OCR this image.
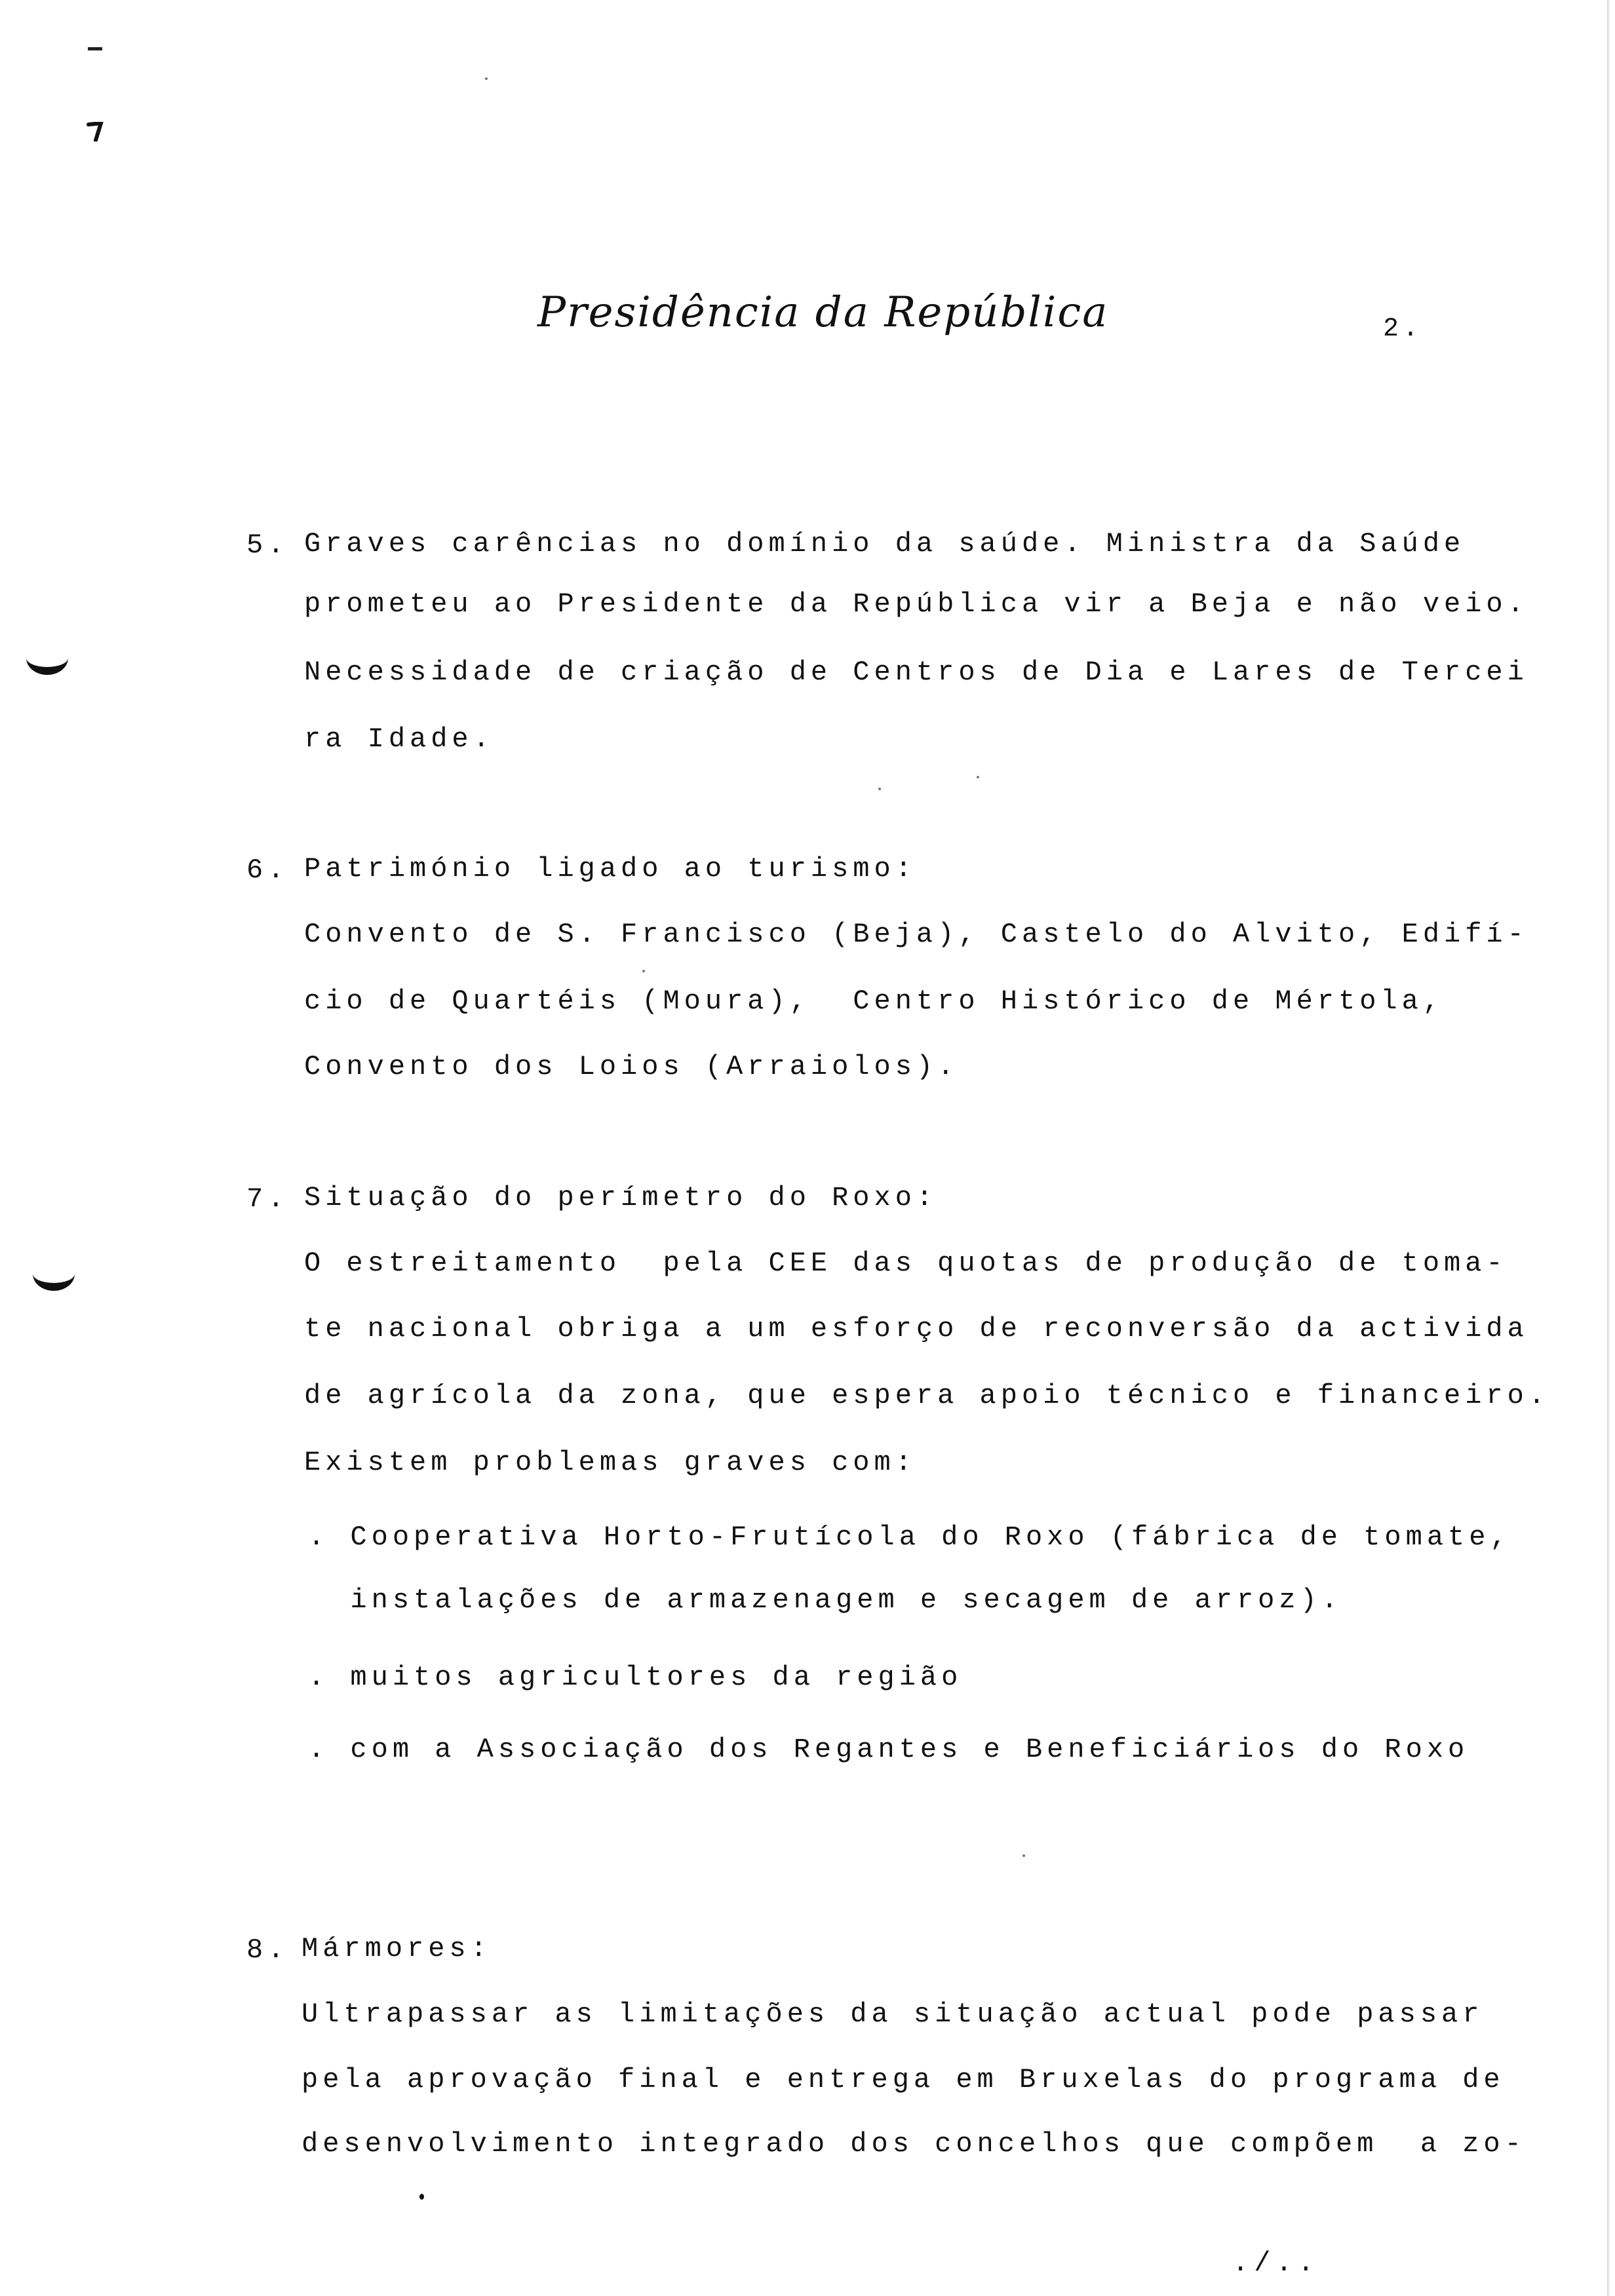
Presidência da República	2.
5. Graves carências no domínio da saúde. Ministra da Saúde
prometeu ao Presidente da República vir a Beja e não veio.
Necessidade de criação de Centros de Dia e Lares de Tercei
ra Idade.
6. Património ligado ao turismo:
Convento de S. Francisco (Beja), Castelo do Alvito, Edifí-
cio de Quartéis (Moura),  Centro Histórico de Mértola,
Convento dos Loios (Arraiolos).
7. Situação do perímetro do Roxo:
O estreitamento  pela CEE das quotas de produção de toma-
te nacional obriga a um esforço de reconversão da activida
de agrícola da zona, que espera apoio técnico e financeiro.
Existem problemas graves com:
. Cooperativa Horto-Frutícola do Roxo (fábrica de tomate,
instalações de armazenagem e secagem de arroz).
. muitos agricultores da região
. com a Associação dos Regantes e Beneficiários do Roxo
8. Mármores:
Ultrapassar as limitações da situação actual pode passar
pela aprovação final e entrega em Bruxelas do programa de
desenvolvimento integrado dos concelhos que compõem  a zo-
./..
